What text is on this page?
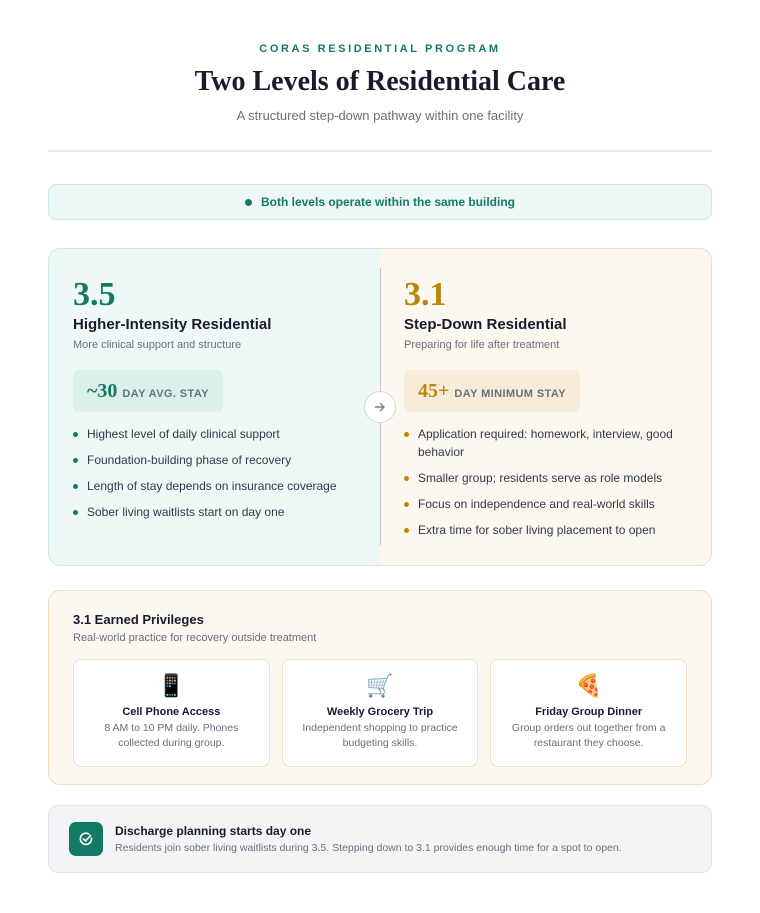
CORAS RESIDENTIAL PROGRAM
Two Levels of Residential Care
A structured step-down pathway within one facility
Both levels operate within the same building
3.5
Higher-Intensity Residential
More clinical support and structure
~30 DAY AVG. STAY
Highest level of daily clinical support
Foundation-building phase of recovery
Length of stay depends on insurance coverage
Sober living waitlists start on day one
3.1
Step-Down Residential
Preparing for life after treatment
45+ DAY MINIMUM STAY
Application required: homework, interview, good behavior
Smaller group; residents serve as role models
Focus on independence and real-world skills
Extra time for sober living placement to open
3.1 Earned Privileges
Real-world practice for recovery outside treatment
📱
Cell Phone Access
8 AM to 10 PM daily. Phones collected during group.
🛒
Weekly Grocery Trip
Independent shopping to practice budgeting skills.
🍕
Friday Group Dinner
Group orders out together from a restaurant they choose.
Discharge planning starts day one
Residents join sober living waitlists during 3.5. Stepping down to 3.1 provides enough time for a spot to open.
